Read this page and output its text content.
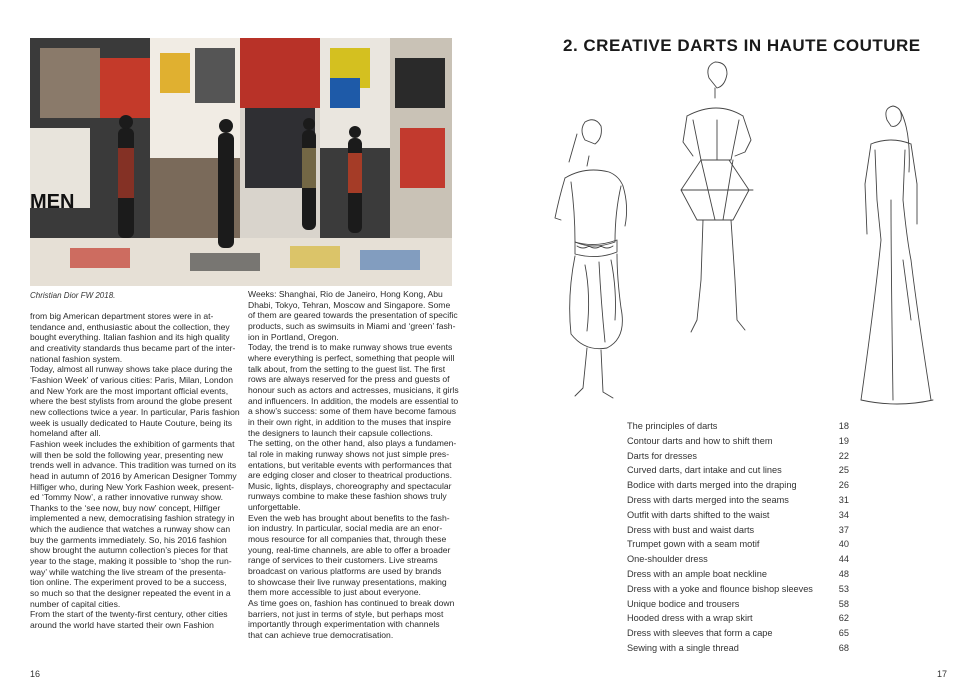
MEN
Christian Dior FW 2018.
from big American department stores were in at-
tendance and, enthusiastic about the collection, they
bought everything. Italian fashion and its high quality
and creativity standards thus became part of the inter-
national fashion system.
Today, almost all runway shows take place during the
‘Fashion Week’ of various cities: Paris, Milan, London
and New York are the most important official events,
where the best stylists from around the globe present
new collections twice a year. In particular, Paris fashion
week is usually dedicated to Haute Couture, being its
homeland after all.
Fashion week includes the exhibition of garments that
will then be sold the following year, presenting new
trends well in advance. This tradition was turned on its
head in autumn of 2016 by American Designer Tommy
Hilfiger who, during New York Fashion week, present-
ed ‘Tommy Now’, a rather innovative runway show.
Thanks to the ‘see now, buy now’ concept, Hilfiger
implemented a new, democratising fashion strategy in
which the audience that watches a runway show can
buy the garments immediately. So, his 2016 fashion
show brought the autumn collection’s pieces for that
year to the stage, making it possible to ‘shop the run-
way’ while watching the live stream of the presenta-
tion online. The experiment proved to be a success,
so much so that the designer repeated the event in a
number of capital cities.
From the start of the twenty-first century, other cities
around the world have started their own Fashion
Weeks: Shanghai, Rio de Janeiro, Hong Kong, Abu
Dhabi, Tokyo, Tehran, Moscow and Singapore. Some
of them are geared towards the presentation of specific
products, such as swimsuits in Miami and ‘green’ fash-
ion in Portland, Oregon.
Today, the trend is to make runway shows true events
where everything is perfect, something that people will
talk about, from the setting to the guest list. The first
rows are always reserved for the press and guests of
honour such as actors and actresses, musicians, it girls
and influencers. In addition, the models are essential to
a show’s success: some of them have become famous
in their own right, in addition to the muses that inspire
the designers to launch their capsule collections.
The setting, on the other hand, also plays a fundamen-
tal role in making runway shows not just simple pres-
entations, but veritable events with performances that
are edging closer and closer to theatrical productions.
Music, lights, displays, choreography and spectacular
runways combine to make these fashion shows truly
unforgettable.
Even the web has brought about benefits to the fash-
ion industry. In particular, social media are an enor-
mous resource for all companies that, through these
young, real-time channels, are able to offer a broader
range of services to their customers. Live streams
broadcast on various platforms are used by brands
to showcase their live runway presentations, making
them more accessible to just about everyone.
As time goes on, fashion has continued to break down
barriers, not just in terms of style, but perhaps most
importantly through experimentation with channels
that can achieve true democratisation.
16
2. CREATIVE DARTS IN HAUTE COUTURE
The principles of darts	18
Contour darts and how to shift them	19
Darts for dresses	22
Curved darts, dart intake and cut lines	25
Bodice with darts merged into the draping	26
Dress with darts merged into the seams	31
Outfit with darts shifted to the waist	34
Dress with bust and waist darts	37
Trumpet gown with a seam motif	40
One-shoulder dress	44
Dress with an ample boat neckline	48
Dress with a yoke and flounce bishop sleeves	53
Unique bodice and trousers	58
Hooded dress with a wrap skirt	62
Dress with sleeves that form a cape	65
Sewing with a single thread	68
17
